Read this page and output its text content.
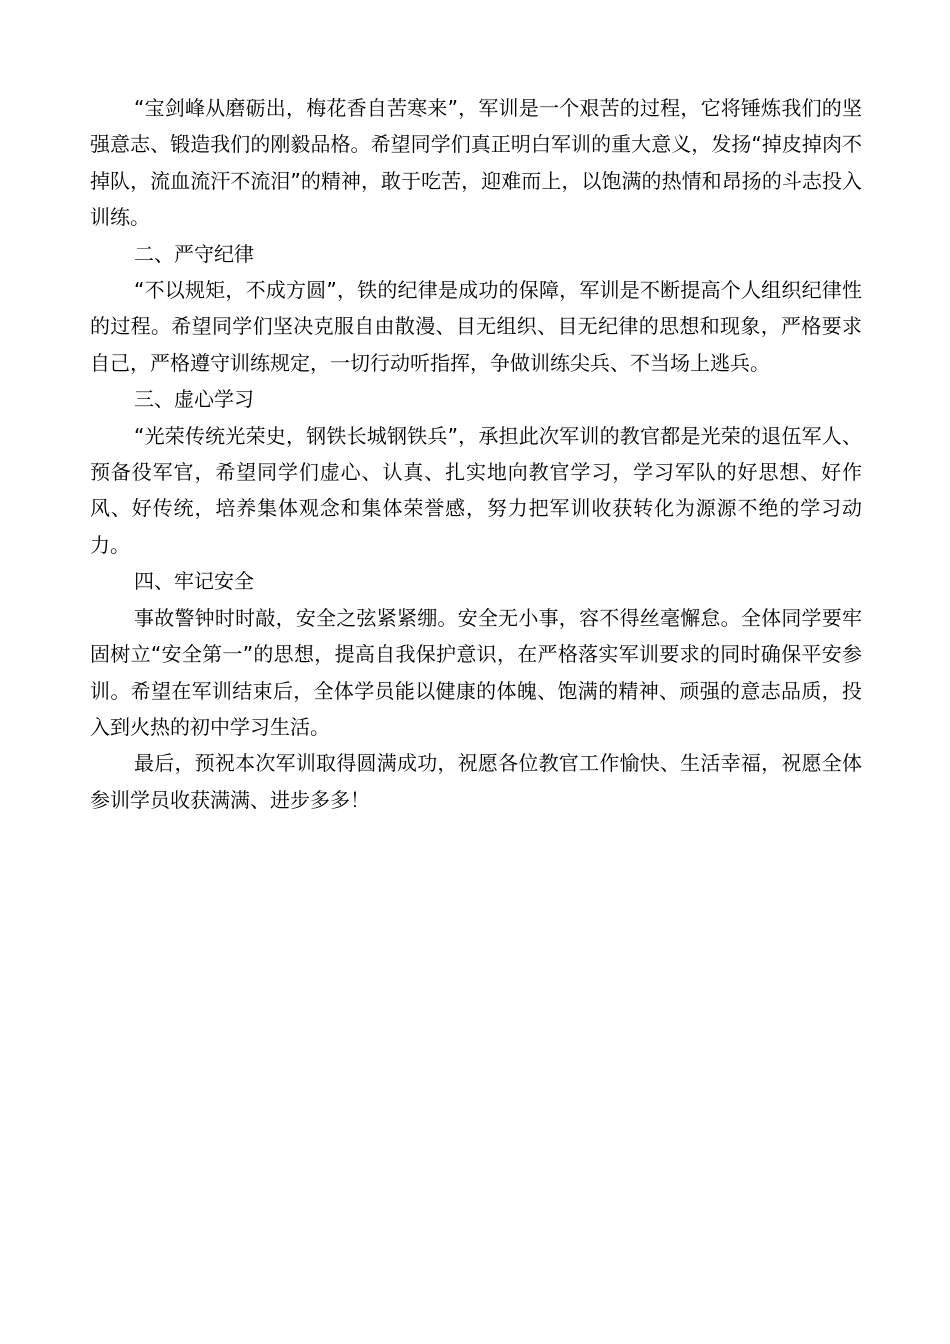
“宝剑峰从磨砺出，梅花香自苦寒来”，军训是一个艰苦的过程，它将锤炼我们的坚强意志、锻造我们的刚毅品格。希望同学们真正明白军训的重大意义，发扬“掉皮掉肉不掉队，流血流汗不流泪”的精神，敢于吃苦，迎难而上，以饱满的热情和昂扬的斗志投入训练。

二、严守纪律

“不以规矩，不成方圆”，铁的纪律是成功的保障，军训是不断提高个人组织纪律性的过程。希望同学们坚决克服自由散漫、目无组织、目无纪律的思想和现象，严格要求自己，严格遵守训练规定，一切行动听指挥，争做训练尖兵、不当场上逃兵。

三、虚心学习

“光荣传统光荣史，钢铁长城钢铁兵”，承担此次军训的教官都是光荣的退伍军人、预备役军官，希望同学们虚心、认真、扎实地向教官学习，学习军队的好思想、好作风、好传统，培养集体观念和集体荣誉感，努力把军训收获转化为源源不绝的学习动力。

四、牢记安全

事故警钟时时敲，安全之弦紧紧绷。安全无小事，容不得丝毫懈怠。全体同学要牢固树立“安全第一”的思想，提高自我保护意识，在严格落实军训要求的同时确保平安参训。希望在军训结束后，全体学员能以健康的体魄、饱满的精神、顽强的意志品质，投入到火热的初中学习生活。

最后，预祝本次军训取得圆满成功，祝愿各位教官工作愉快、生活幸福，祝愿全体参训学员收获满满、进步多多！
